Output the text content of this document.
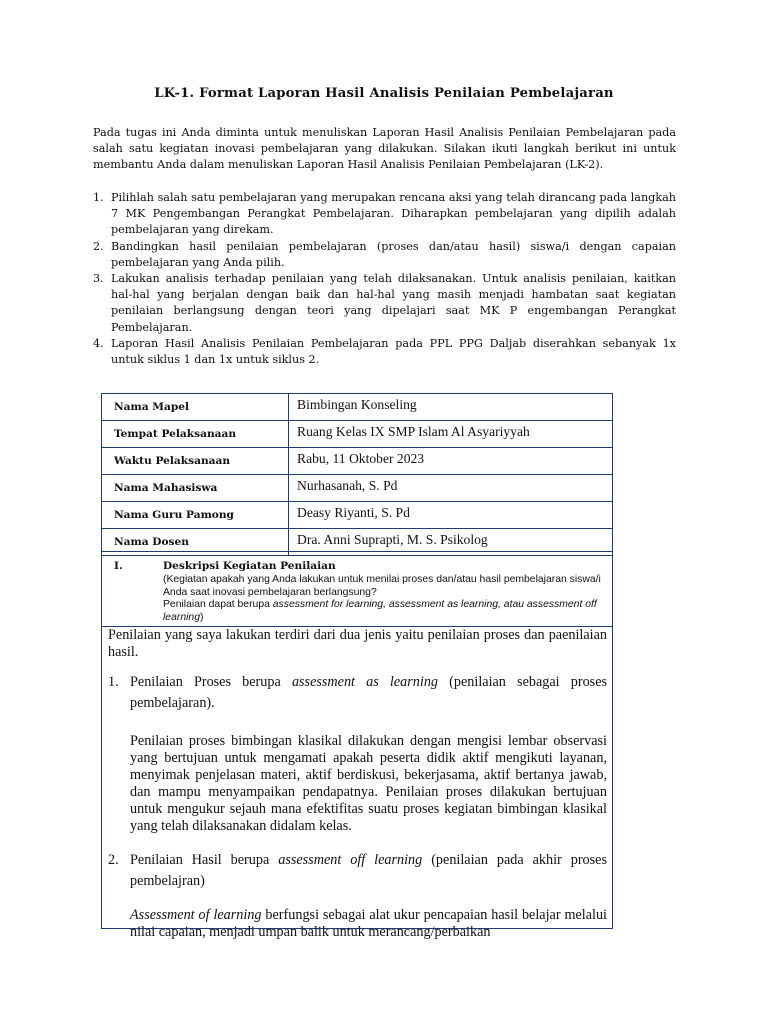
LK-1. Format Laporan Hasil Analisis Penilaian Pembelajaran

Pada tugas ini Anda diminta untuk menuliskan Laporan Hasil Analisis Penilaian Pembelajaran pada salah satu kegiatan inovasi pembelajaran yang dilakukan. Silakan ikuti langkah berikut ini untuk membantu Anda dalam menuliskan Laporan Hasil Analisis Penilaian Pembelajaran (LK-2).

1. Pilihlah salah satu pembelajaran yang merupakan rencana aksi yang telah dirancang pada langkah 7 MK Pengembangan Perangkat Pembelajaran. Diharapkan pembelajaran yang dipilih adalah pembelajaran yang direkam.
2. Bandingkan hasil penilaian pembelajaran (proses dan/atau hasil) siswa/i dengan capaian pembelajaran yang Anda pilih.
3. Lakukan analisis terhadap penilaian yang telah dilaksanakan. Untuk analisis penilaian, kaitkan hal-hal yang berjalan dengan baik dan hal-hal yang masih menjadi hambatan saat kegiatan penilaian berlangsung dengan teori yang dipelajari saat MK P engembangan Perangkat Pembelajaran.
4. Laporan Hasil Analisis Penilaian Pembelajaran pada PPL PPG Daljab diserahkan sebanyak 1x untuk siklus 1 dan 1x untuk siklus 2.
Nama Mapel	Bimbingan Konseling
Tempat Pelaksanaan	Ruang Kelas IX SMP Islam Al Asyariyyah
Waktu Pelaksanaan	Rabu, 11 Oktober 2023
Nama Mahasiswa	Nurhasanah, S. Pd
Nama Guru Pamong	Deasy Riyanti, S. Pd
Nama Dosen	Dra. Anni Suprapti, M. S. Psikolog
I.	Deskripsi Kegiatan Penilaian
(Kegiatan apakah yang Anda lakukan untuk menilai proses dan/atau hasil pembelajaran siswa/i Anda saat inovasi pembelajaran berlangsung?
Penilaian dapat berupa assessment for learning, assessment as learning, atau assessment off learning)

Penilaian yang saya lakukan terdiri dari dua jenis yaitu penilaian proses dan paenilaian hasil.

1. Penilaian Proses berupa assessment as learning (penilaian sebagai proses pembelajaran).

Penilaian proses bimbingan klasikal dilakukan dengan mengisi lembar observasi yang bertujuan untuk mengamati apakah peserta didik aktif mengikuti layanan, menyimak penjelasan materi, aktif berdiskusi, bekerjasama, aktif bertanya jawab, dan mampu menyampaikan pendapatnya. Penilaian proses dilakukan bertujuan untuk mengukur sejauh mana efektifitas suatu proses kegiatan bimbingan klasikal yang telah dilaksanakan didalam kelas.

2. Penilaian Hasil berupa assessment off learning (penilaian pada akhir proses pembelajran)

Assessment of learning berfungsi sebagai alat ukur pencapaian hasil belajar melalui nilai capaian, menjadi umpan balik untuk merancang/perbaikan
